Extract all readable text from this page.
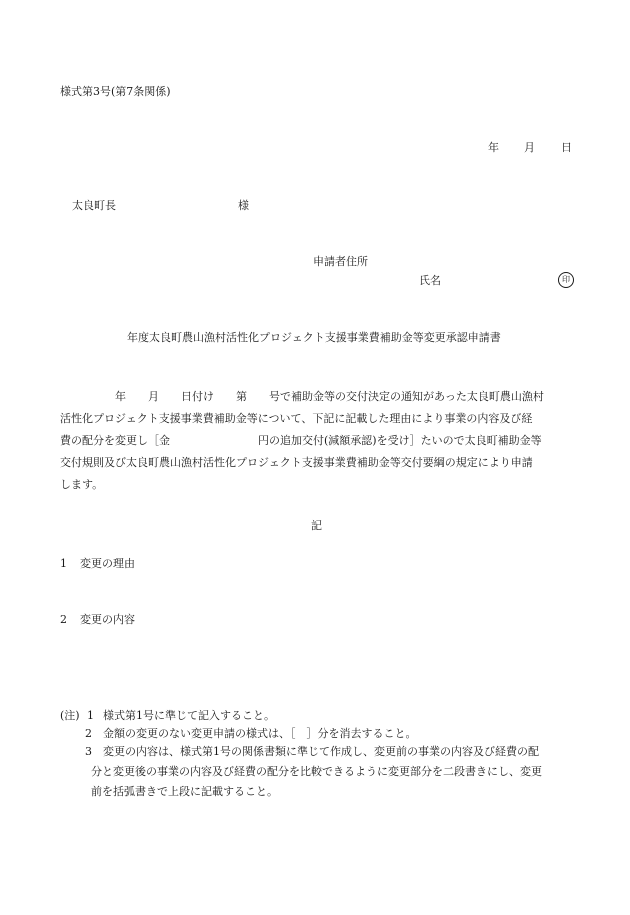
様式第3号(第7条関係)
年 月 日
太良町長	様
申請者住所
氏名	印
年度太良町農山漁村活性化プロジェクト支援事業費補助金等変更承認申請書
　　　　　年　　月　　日付け　　第　　号で補助金等の交付決定の通知があった太良町農山漁村
活性化プロジェクト支援事業費補助金等について、下記に記載した理由により事業の内容及び経
費の配分を変更し［金　　　　　　　　円の追加交付(減額承認)を受け］たいので太良町補助金等
交付規則及び太良町農山漁村活性化プロジェクト支援事業費補助金等交付要綱の規定により申請
します。
記
1 変更の理由
2 変更の内容
(注) 1 様式第1号に準じて記入すること。
2 金額の変更のない変更申請の様式は、［　］分を消去すること。
3 変更の内容は、様式第1号の関係書類に準じて作成し、変更前の事業の内容及び経費の配
分と変更後の事業の内容及び経費の配分を比較できるように変更部分を二段書きにし、変更
前を括弧書きで上段に記載すること。
